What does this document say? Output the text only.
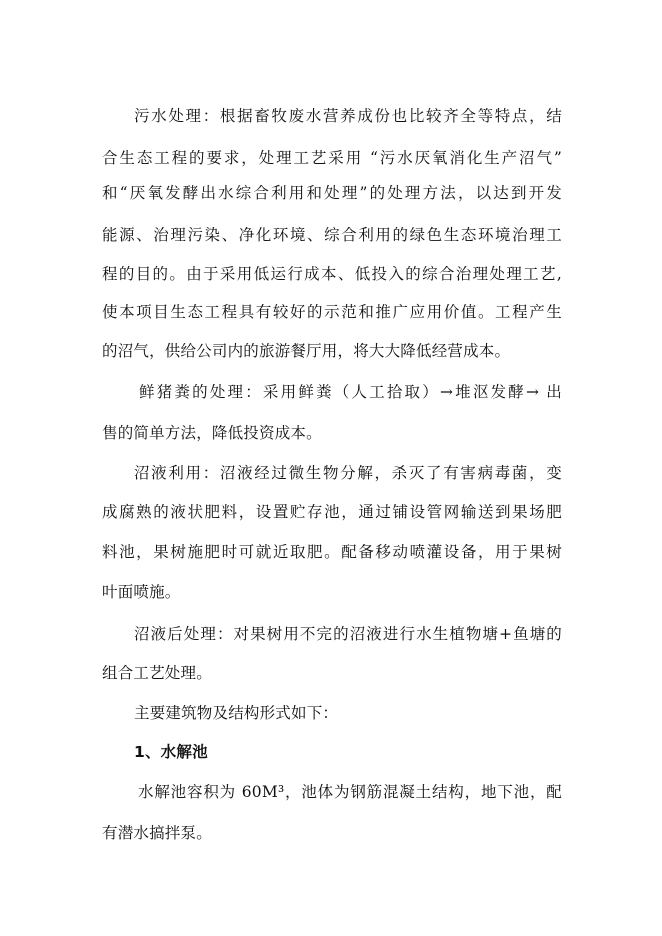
污水处理：根据畜牧废水营养成份也比较齐全等特点，结
合生态工程的要求，处理工艺采用 “污水厌氧消化生产沼气”
和“厌氧发酵出水综合利用和处理”的处理方法，以达到开发
能源、治理污染、净化环境、综合利用的绿色生态环境治理工
程的目的。由于采用低运行成本、低投入的综合治理处理工艺,
使本项目生态工程具有较好的示范和推广应用价值。工程产生
的沼气，供给公司内的旅游餐厅用，将大大降低经营成本。
鲜猪粪的处理：采用鲜粪（人工拾取）→堆沤发酵→ 出
售的简单方法，降低投资成本。
沼液利用：沼液经过微生物分解，杀灭了有害病毒菌，变
成腐熟的液状肥料，设置贮存池，通过铺设管网输送到果场肥
料池，果树施肥时可就近取肥。配备移动喷灌设备，用于果树
叶面喷施。
沼液后处理：对果树用不完的沼液进行水生植物塘+鱼塘的
组合工艺处理。
主要建筑物及结构形式如下：
1、水解池
水解池容积为 60M³，池体为钢筋混凝土结构，地下池，配
有潜水搞拌泵。
